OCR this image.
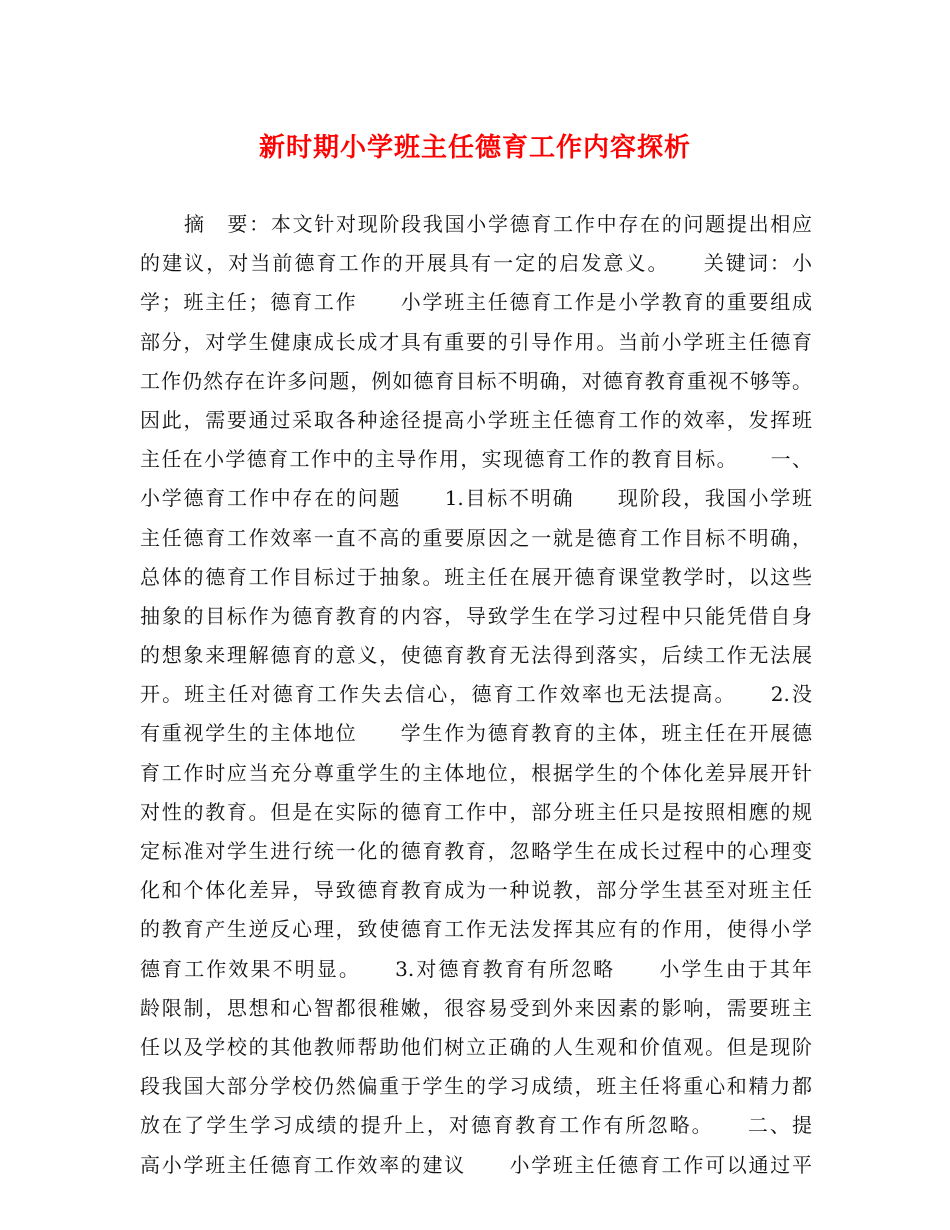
新时期小学班主任德育工作内容探析
摘　要：本文针对现阶段我国小学德育工作中存在的问题提出相应
的建议，对当前德育工作的开展具有一定的启发意义。　　关键词：小
学；班主任；德育工作　　小学班主任德育工作是小学教育的重要组成
部分，对学生健康成长成才具有重要的引导作用。当前小学班主任德育
工作仍然存在许多问题，例如德育目标不明确，对德育教育重视不够等。
因此，需要通过采取各种途径提高小学班主任德育工作的效率，发挥班
主任在小学德育工作中的主导作用，实现德育工作的教育目标。　　一、
小学德育工作中存在的问题　　1.目标不明确　　现阶段，我国小学班
主任德育工作效率一直不高的重要原因之一就是德育工作目标不明确，
总体的德育工作目标过于抽象。班主任在展开德育课堂教学时，以这些
抽象的目标作为德育教育的内容，导致学生在学习过程中只能凭借自身
的想象来理解德育的意义，使德育教育无法得到落实，后续工作无法展
开。班主任对德育工作失去信心，德育工作效率也无法提高。　　2.没
有重视学生的主体地位　　学生作为德育教育的主体，班主任在开展德
育工作时应当充分尊重学生的主体地位，根据学生的个体化差异展开针
对性的教育。但是在实际的德育工作中，部分班主任只是按照相應的规
定标准对学生进行统一化的德育教育，忽略学生在成长过程中的心理变
化和个体化差异，导致德育教育成为一种说教，部分学生甚至对班主任
的教育产生逆反心理，致使德育工作无法发挥其应有的作用，使得小学
德育工作效果不明显。　　3.对德育教育有所忽略　　小学生由于其年
龄限制，思想和心智都很稚嫩，很容易受到外来因素的影响，需要班主
任以及学校的其他教师帮助他们树立正确的人生观和价值观。但是现阶
段我国大部分学校仍然偏重于学生的学习成绩，班主任将重心和精力都
放在了学生学习成绩的提升上，对德育教育工作有所忽略。　　二、提
高小学班主任德育工作效率的建议　　小学班主任德育工作可以通过平
